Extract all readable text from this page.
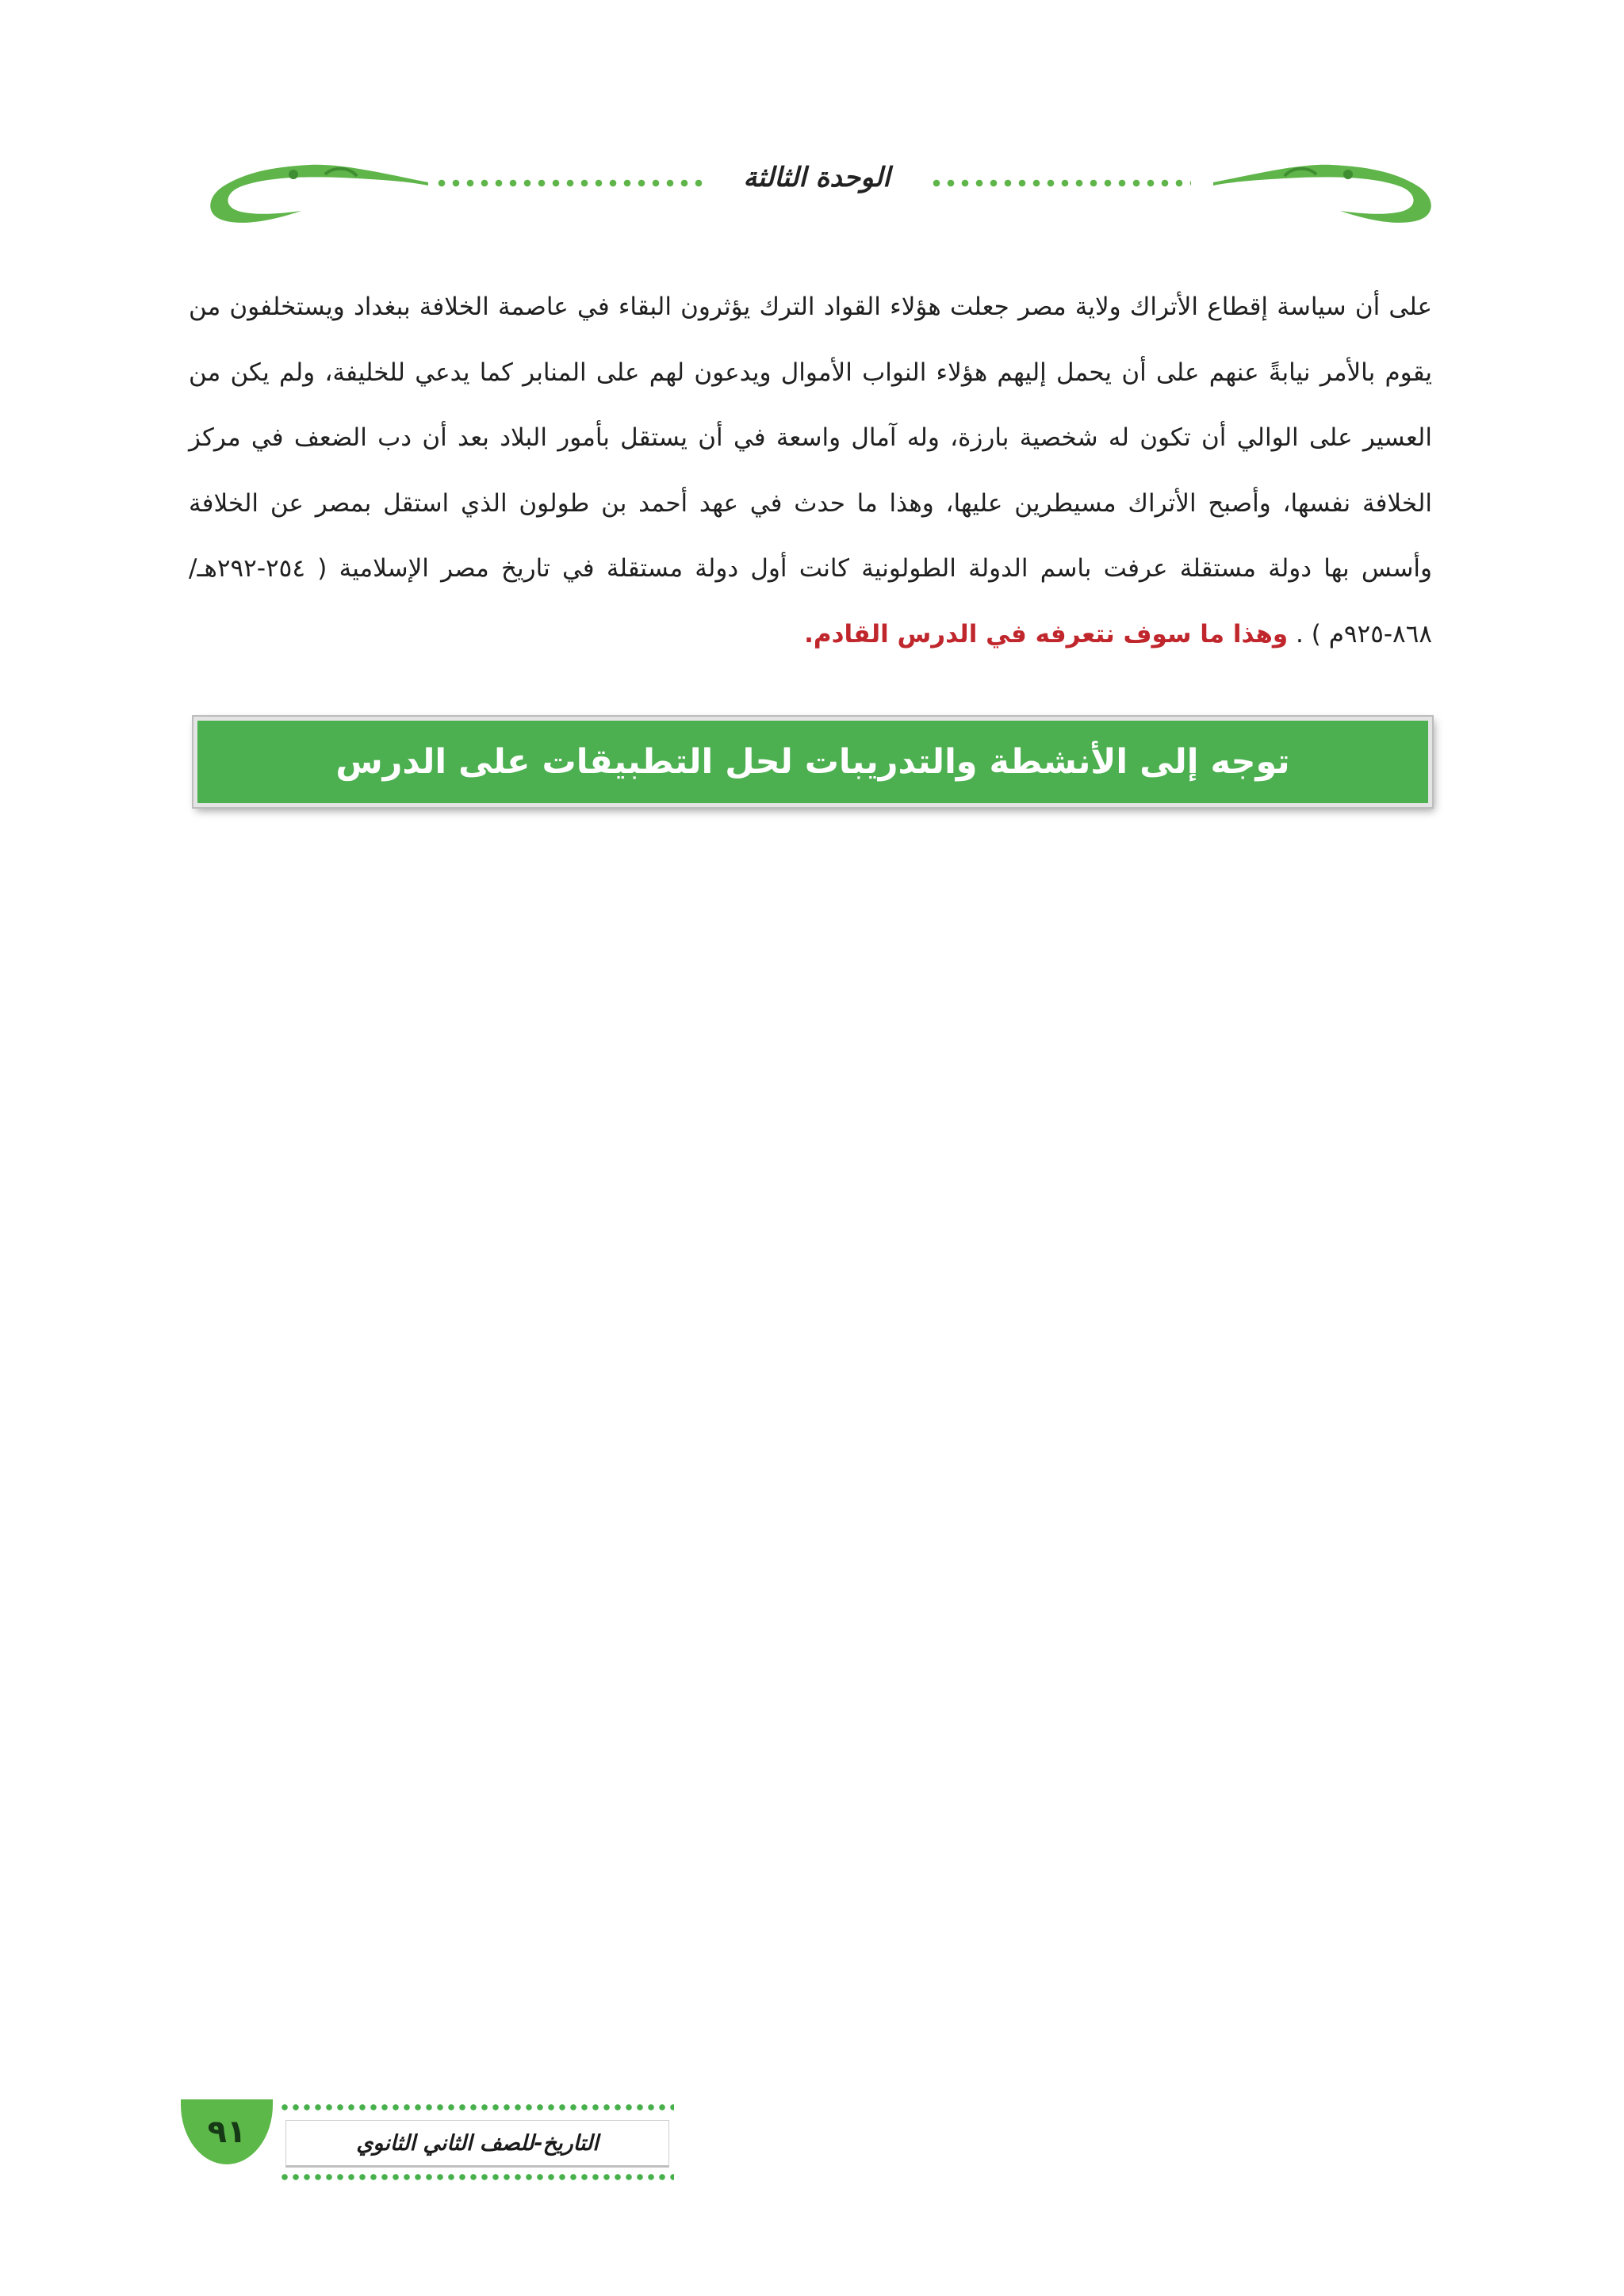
الوحدة الثالثة
على أن سياسة إقطاع الأتراك ولاية مصر جعلت هؤلاء القواد الترك يؤثرون البقاء في عاصمة الخلافة ببغداد ويستخلفون من يقوم بالأمر نيابةً عنهم على أن يحمل إليهم هؤلاء النواب الأموال ويدعون لهم على المنابر كما يدعي للخليفة، ولم يكن من العسير على الوالي أن تكون له شخصية بارزة، وله آمال واسعة في أن يستقل بأمور البلاد بعد أن دب الضعف في مركز الخلافة نفسها، وأصبح الأتراك مسيطرين عليها، وهذا ما حدث في عهد أحمد بن طولون الذي استقل بمصر عن الخلافة وأسس بها دولة مستقلة عرفت باسم الدولة الطولونية كانت أول دولة مستقلة في تاريخ مصر الإسلامية ( ٢٥٤-٢٩٢هـ/٨٦٨-٩٢٥م ) . وهذا ما سوف نتعرفه في الدرس القادم.
توجه إلى الأنشطة والتدريبات لحل التطبيقات على الدرس
٩١	التاريخ-للصف الثاني الثانوي
